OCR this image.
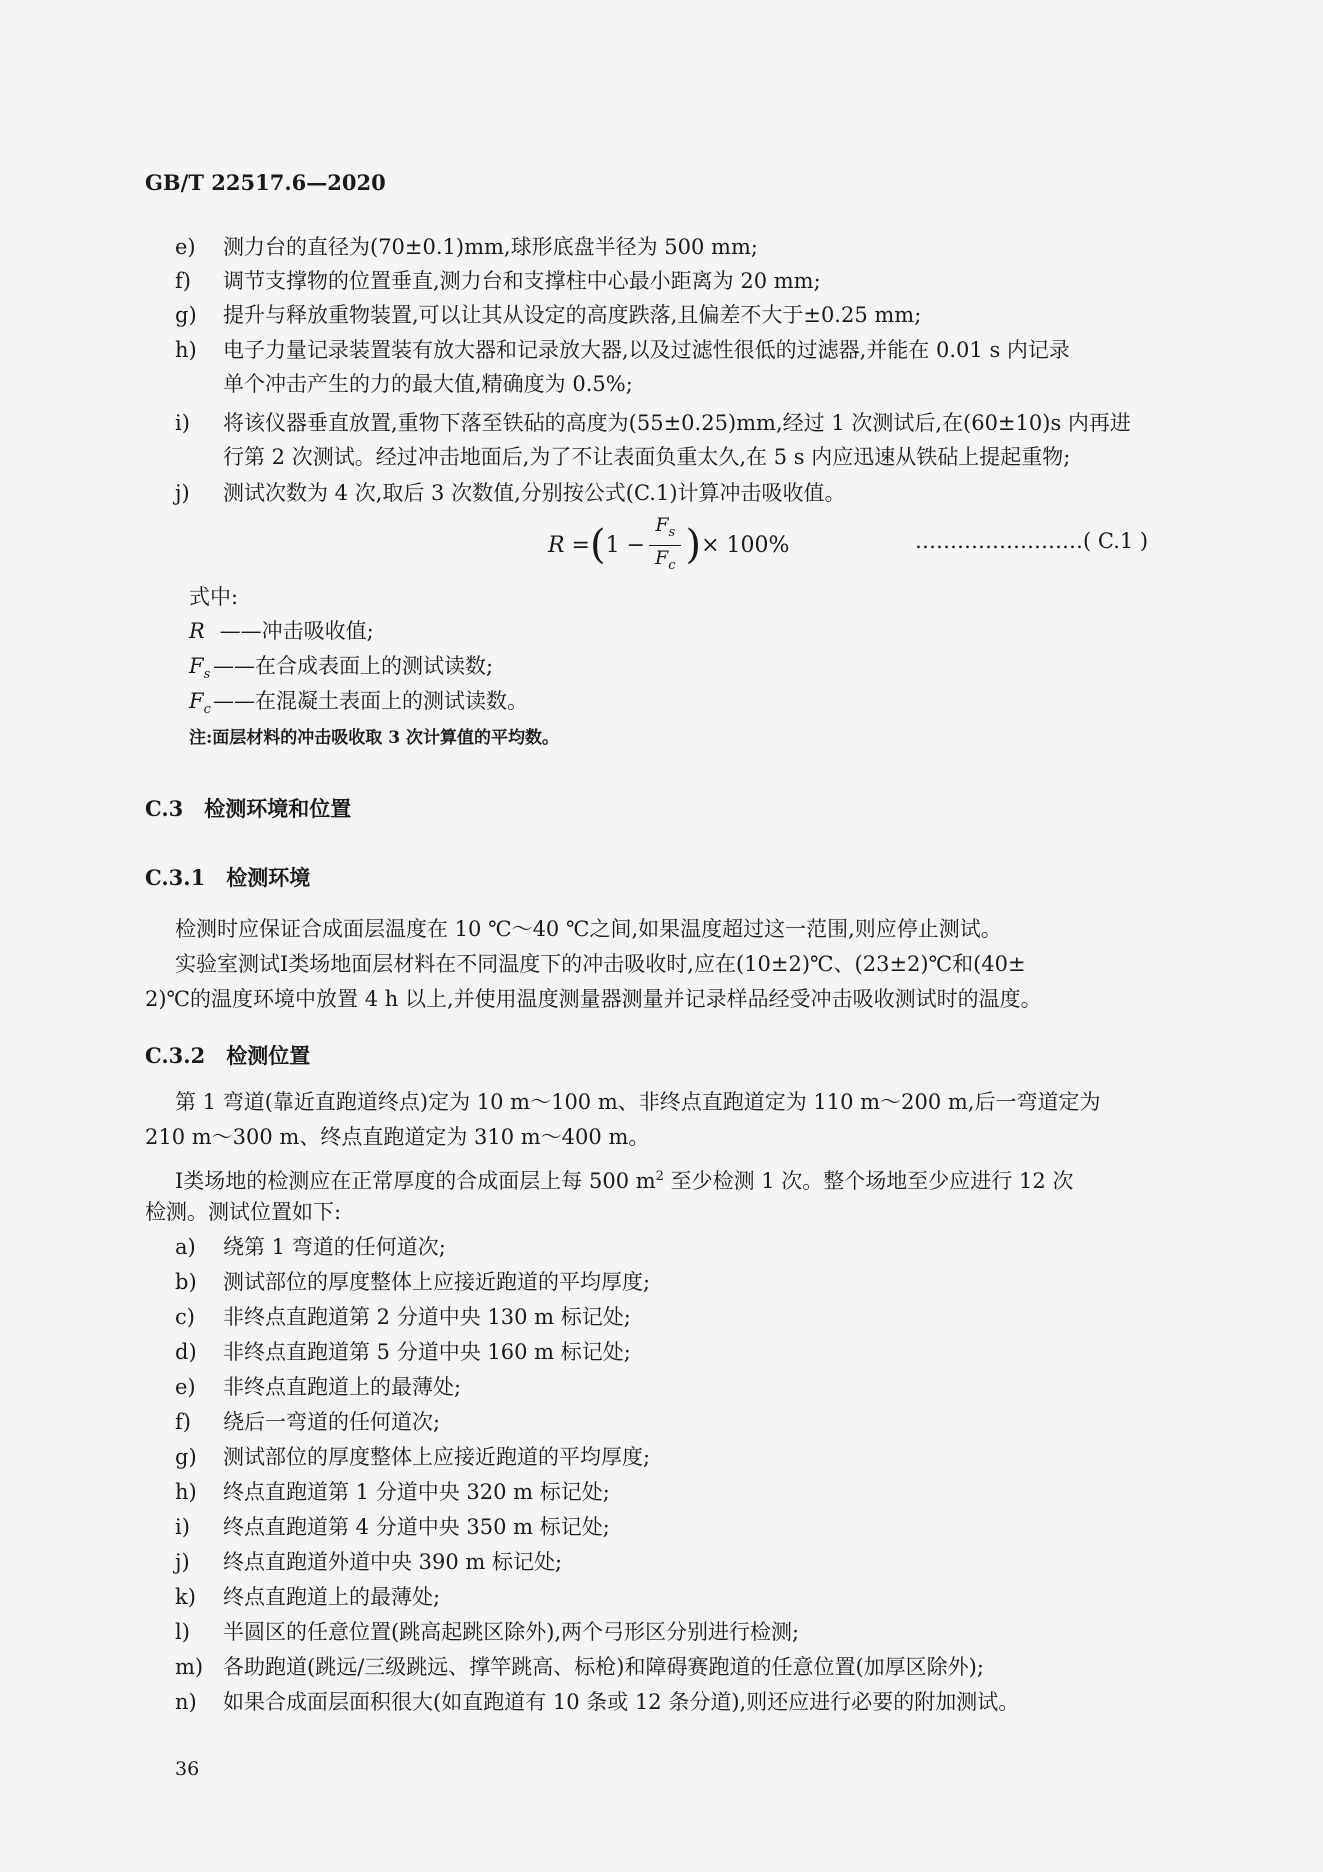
GB/T 22517.6—2020
e) 测力台的直径为(70±0.1)mm,球形底盘半径为 500 mm;
f) 调节支撑物的位置垂直,测力台和支撑柱中心最小距离为 20 mm;
g) 提升与释放重物装置,可以让其从设定的高度跌落,且偏差不大于±0.25 mm;
h) 电子力量记录装置装有放大器和记录放大器,以及过滤性很低的过滤器,并能在 0.01 s 内记录
单个冲击产生的力的最大值,精确度为 0.5%;
i) 将该仪器垂直放置,重物下落至铁砧的高度为(55±0.25)mm,经过 1 次测试后,在(60±10)s 内再进
行第 2 次测试。经过冲击地面后,为了不让表面负重太久,在 5 s 内应迅速从铁砧上提起重物;
j) 测试次数为 4 次,取后 3 次数值,分别按公式(C.1)计算冲击吸收值。
R = ( $1 - \frac{F_s}{F_c}$ ) × 100%	……………………( C.1 )
式中:
R ——冲击吸收值;
$F_s$ ——在合成表面上的测试读数;
$F_c$ ——在混凝土表面上的测试读数。
注:面层材料的冲击吸收取 3 次计算值的平均数。
C.3　检测环境和位置
C.3.1　检测环境
检测时应保证合成面层温度在 10 ℃～40 ℃之间,如果温度超过这一范围,则应停止测试。
实验室测试Ⅰ类场地面层材料在不同温度下的冲击吸收时,应在(10±2)℃、(23±2)℃和(40±
2)℃的温度环境中放置 4 h 以上,并使用温度测量器测量并记录样品经受冲击吸收测试时的温度。
C.3.2　检测位置
第 1 弯道(靠近直跑道终点)定为 10 m～100 m、非终点直跑道定为 110 m～200 m,后一弯道定为
210 m～300 m、终点直跑道定为 310 m～400 m。
Ⅰ类场地的检测应在正常厚度的合成面层上每 500 $m^2$ 至少检测 1 次。整个场地至少应进行 12 次
检测。测试位置如下:
a) 绕第 1 弯道的任何道次;
b) 测试部位的厚度整体上应接近跑道的平均厚度;
c) 非终点直跑道第 2 分道中央 130 m 标记处;
d) 非终点直跑道第 5 分道中央 160 m 标记处;
e) 非终点直跑道上的最薄处;
f) 绕后一弯道的任何道次;
g) 测试部位的厚度整体上应接近跑道的平均厚度;
h) 终点直跑道第 1 分道中央 320 m 标记处;
i) 终点直跑道第 4 分道中央 350 m 标记处;
j) 终点直跑道外道中央 390 m 标记处;
k) 终点直跑道上的最薄处;
l) 半圆区的任意位置(跳高起跳区除外),两个弓形区分别进行检测;
m) 各助跑道(跳远/三级跳远、撑竿跳高、标枪)和障碍赛跑道的任意位置(加厚区除外);
n) 如果合成面层面积很大(如直跑道有 10 条或 12 条分道),则还应进行必要的附加测试。
36
